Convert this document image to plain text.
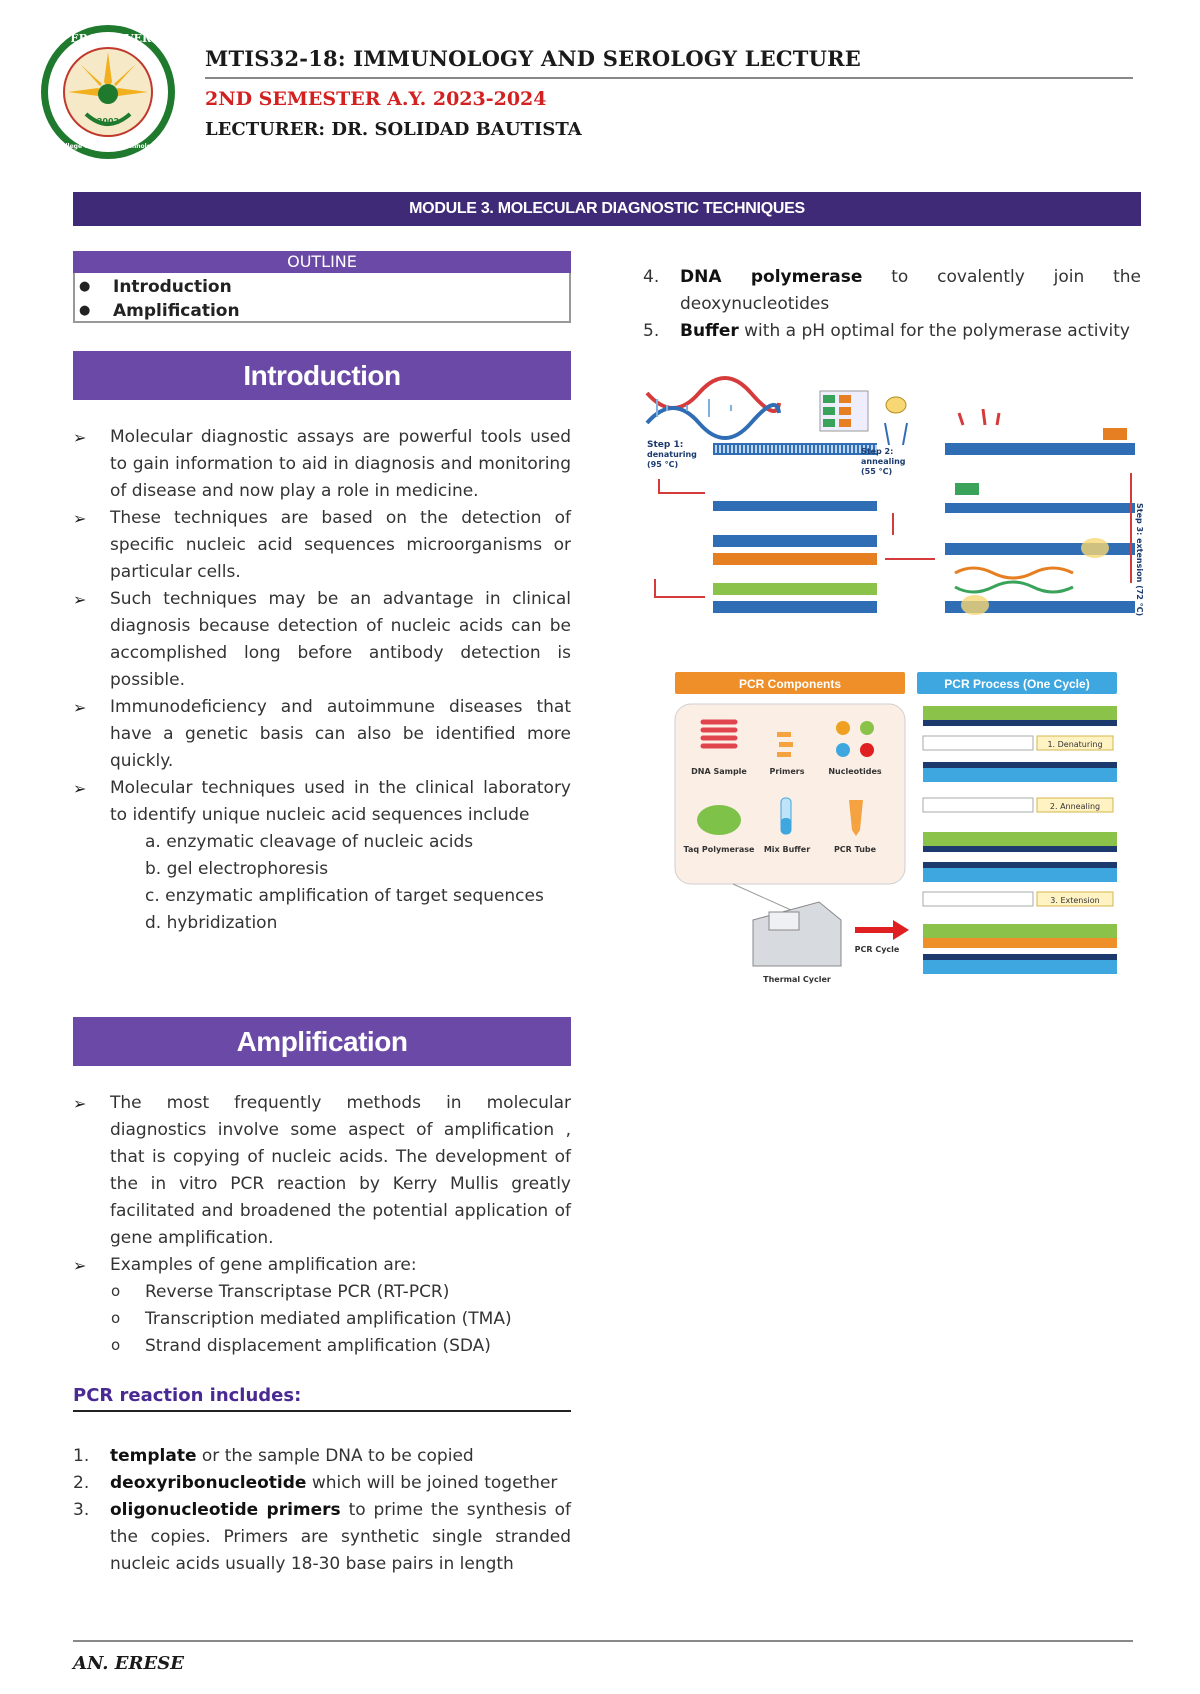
NEW ERA UNIVERSITY
2002
College of Medical Technology
MTIS32-18: IMMUNOLOGY AND SEROLOGY LECTURE
2ND SEMESTER A.Y. 2023-2024
LECTURER: DR. SOLIDAD BAUTISTA
MODULE 3. MOLECULAR DIAGNOSTIC TECHNIQUES
OUTLINE
● Introduction
● Amplification
Introduction
➢ Molecular diagnostic assays are powerful tools used to gain information to aid in diagnosis and monitoring of disease and now play a role in medicine.
➢ These techniques are based on the detection of specific nucleic acid sequences microorganisms or particular cells.
➢ Such techniques may be an advantage in clinical diagnosis because detection of nucleic acids can be accomplished long before antibody detection is possible.
➢ Immunodeficiency and autoimmune diseases that have a genetic basis can also be identified more quickly.
➢ Molecular techniques used in the clinical laboratory to identify unique nucleic acid sequences include
a. enzymatic cleavage of nucleic acids
b. gel electrophoresis
c. enzymatic amplification of target sequences
d. hybridization
Amplification
➢ The most frequently methods in molecular diagnostics involve some aspect of amplification , that is copying of nucleic acids. The development of the in vitro PCR reaction by Kerry Mullis greatly facilitated and broadened the potential application of gene amplification.
➢ Examples of gene amplification are:
o Reverse Transcriptase PCR (RT-PCR)
o Transcription mediated amplification (TMA)
o Strand displacement amplification (SDA)
PCR reaction includes:
1. template or the sample DNA to be copied
2. deoxyribonucleotide which will be joined together
3. oligonucleotide primers to prime the synthesis of the copies. Primers are synthetic single stranded nucleic acids usually 18-30 base pairs in length
4. DNA polymerase to covalently join the deoxynucleotides
5. Buffer with a pH optimal for the polymerase activity
Step 1:
denaturing
(95 °C)
Step 2:
annealing
(55 °C)
Step 3: extension (72 °C)
PCR Components	PCR Process (One Cycle)
DNA Sample	Primers	Nucleotides
Taq Polymerase Mix Buffer	PCR Tube
Thermal Cycler
PCR Cycle
1. Denaturing
2. Annealing
3. Extension
AN. ERESE
